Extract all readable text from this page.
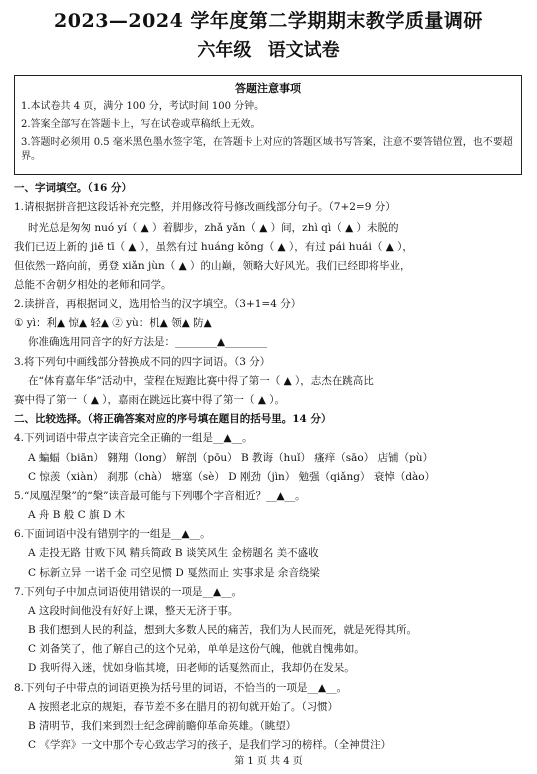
2023—2024 学年度第二学期期末教学质量调研
六年级 语文试卷
答题注意事项
1.本试卷共 4 页，满分 100 分，考试时间 100 分钟。
2.答案全部写在答题卡上，写在试卷或草稿纸上无效。
3.答题时必须用 0.5 毫米黑色墨水签字笔，在答题卡上对应的答题区域书写答案，注意不要答错位置，也不要超界。
一、字词填空。（16 分）
1.请根据拼音把这段话补充完整，并用修改符号修改画线部分句子。（7+2=9 分）
时光总是匆匆 nuó yí（ ▲ ）着脚步，zhǎ yǎn（ ▲ ）间，zhì qì（ ▲ ）未脱的
我们已迈上新的 jiē tī（ ▲ ），虽然有过 huáng kǒng（ ▲ ），有过 pái huái（ ▲ ），
但依然一路向前，勇登 xiǎn jùn（ ▲ ）的山巅，领略大好风光。我们已经即将毕业，
总能不舍朝夕相处的老师和同学。
2.读拼音，再根据词义，选用恰当的汉字填空。（3+1=4 分）
① yì：利▲ 惊▲ 轻▲ ② yù：机▲ 领▲ 防▲
你准确选用同音字的好方法是：________▲________
3.将下列句中画线部分替换成不同的四字词语。（3 分）
在“体育嘉年华”活动中，莹程在短跑比赛中得了第一（ ▲ ），志杰在跳高比
赛中得了第一（ ▲ ），嘉雨在跳远比赛中得了第一（ ▲ ）。
二、比较选择。（将正确答案对应的序号填在题目的括号里。14 分）
4.下列词语中带点字读音完全正确的一组是__▲__。
A 蝙蝠（biān） 翱翔（long） 解剖（pōu） B 教诲（huǐ） 瘙痒（sāo） 店铺（pù）
C 惊羡（xiàn） 刹那（chà） 塘塞（sè） D 刚劲（jìn） 勉强（qiǎng） 衰悼（dào）
5.“凤凰涅槃”的“槃”读音最可能与下列哪个字音相近？__▲__。
A 舟 B 般 C 旗 D 木
6.下面词语中没有错别字的一组是__▲__。
A 走投无路 甘败下风 精兵简政 B 谈笑风生 金榜题名 美不盛收
C 标新立异 一诺千金 司空见惯 D 戛然而止 实事求是 余音绕梁
7.下列句子中加点词语使用错误的一项是__▲__。
A 这段时间他没有好好上课，整天无济于事。
B 我们想到人民的利益，想到大多数人民的痛苦，我们为人民而死，就是死得其所。
C 刘备笑了，他了解自己的这个兄弟，单单是这份气魄，他就自愧弗如。
D 我听得入迷，忧如身临其境，田老师的话戛然而止，我却仍在发呆。
8.下列句子中带点的词语更换为括号里的词语，不恰当的一项是__▲__。
A 按照老北京的规矩，春节差不多在腊月的初旬就开始了。（习惯）
B 清明节，我们来到烈士纪念碑前瞻仰革命英雄。（眺望）
C 《学弈》一文中那个专心致志学习的孩子，是我们学习的榜样。（全神贯注）
第 1 页 共 4 页
